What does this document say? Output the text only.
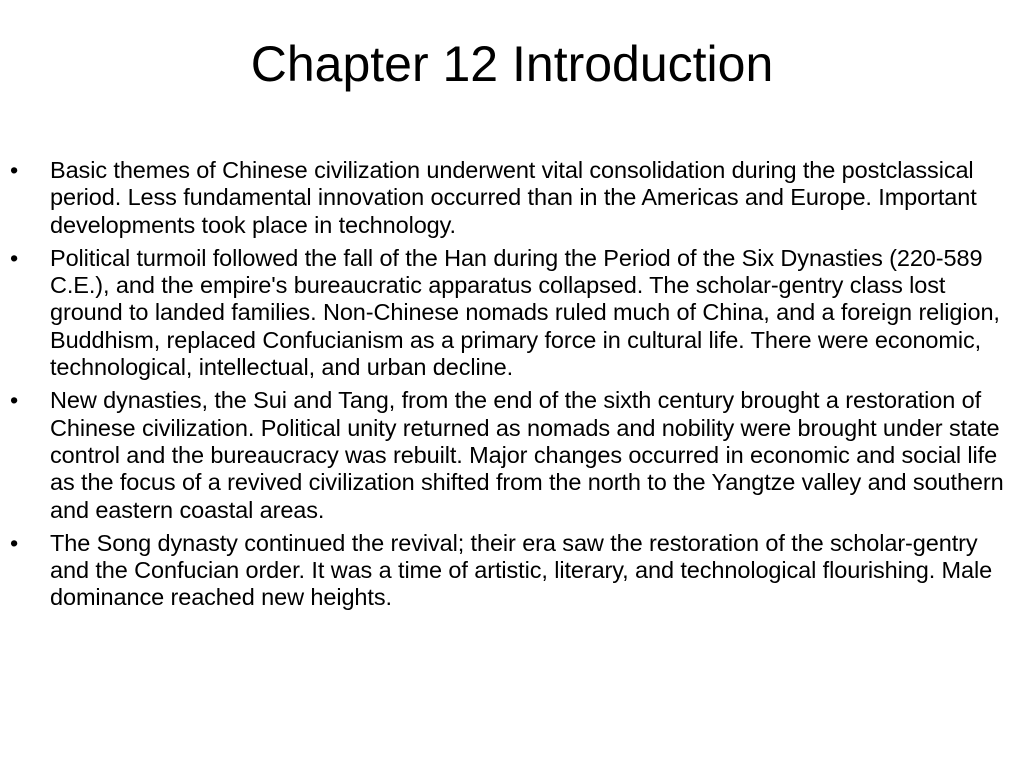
Chapter 12 Introduction
•	Basic themes of Chinese civilization underwent vital consolidation during the postclassical period. Less fundamental innovation occurred than in the Americas and Europe. Important developments took place in technology.
•	Political turmoil followed the fall of the Han during the Period of the Six Dynasties (220-589 C.E.), and the empire's bureaucratic apparatus collapsed. The scholar-gentry class lost ground to landed families. Non-Chinese nomads ruled much of China, and a foreign religion, Buddhism, replaced Confucianism as a primary force in cultural life. There were economic, technological, intellectual, and urban decline.
•	New dynasties, the Sui and Tang, from the end of the sixth century brought a restoration of Chinese civilization. Political unity returned as nomads and nobility were brought under state control and the bureaucracy was rebuilt. Major changes occurred in economic and social life as the focus of a revived civilization shifted from the north to the Yangtze valley and southern and eastern coastal areas.
•	The Song dynasty continued the revival; their era saw the restoration of the scholar-gentry and the Confucian order. It was a time of artistic, literary, and technological flourishing. Male dominance reached new heights.
